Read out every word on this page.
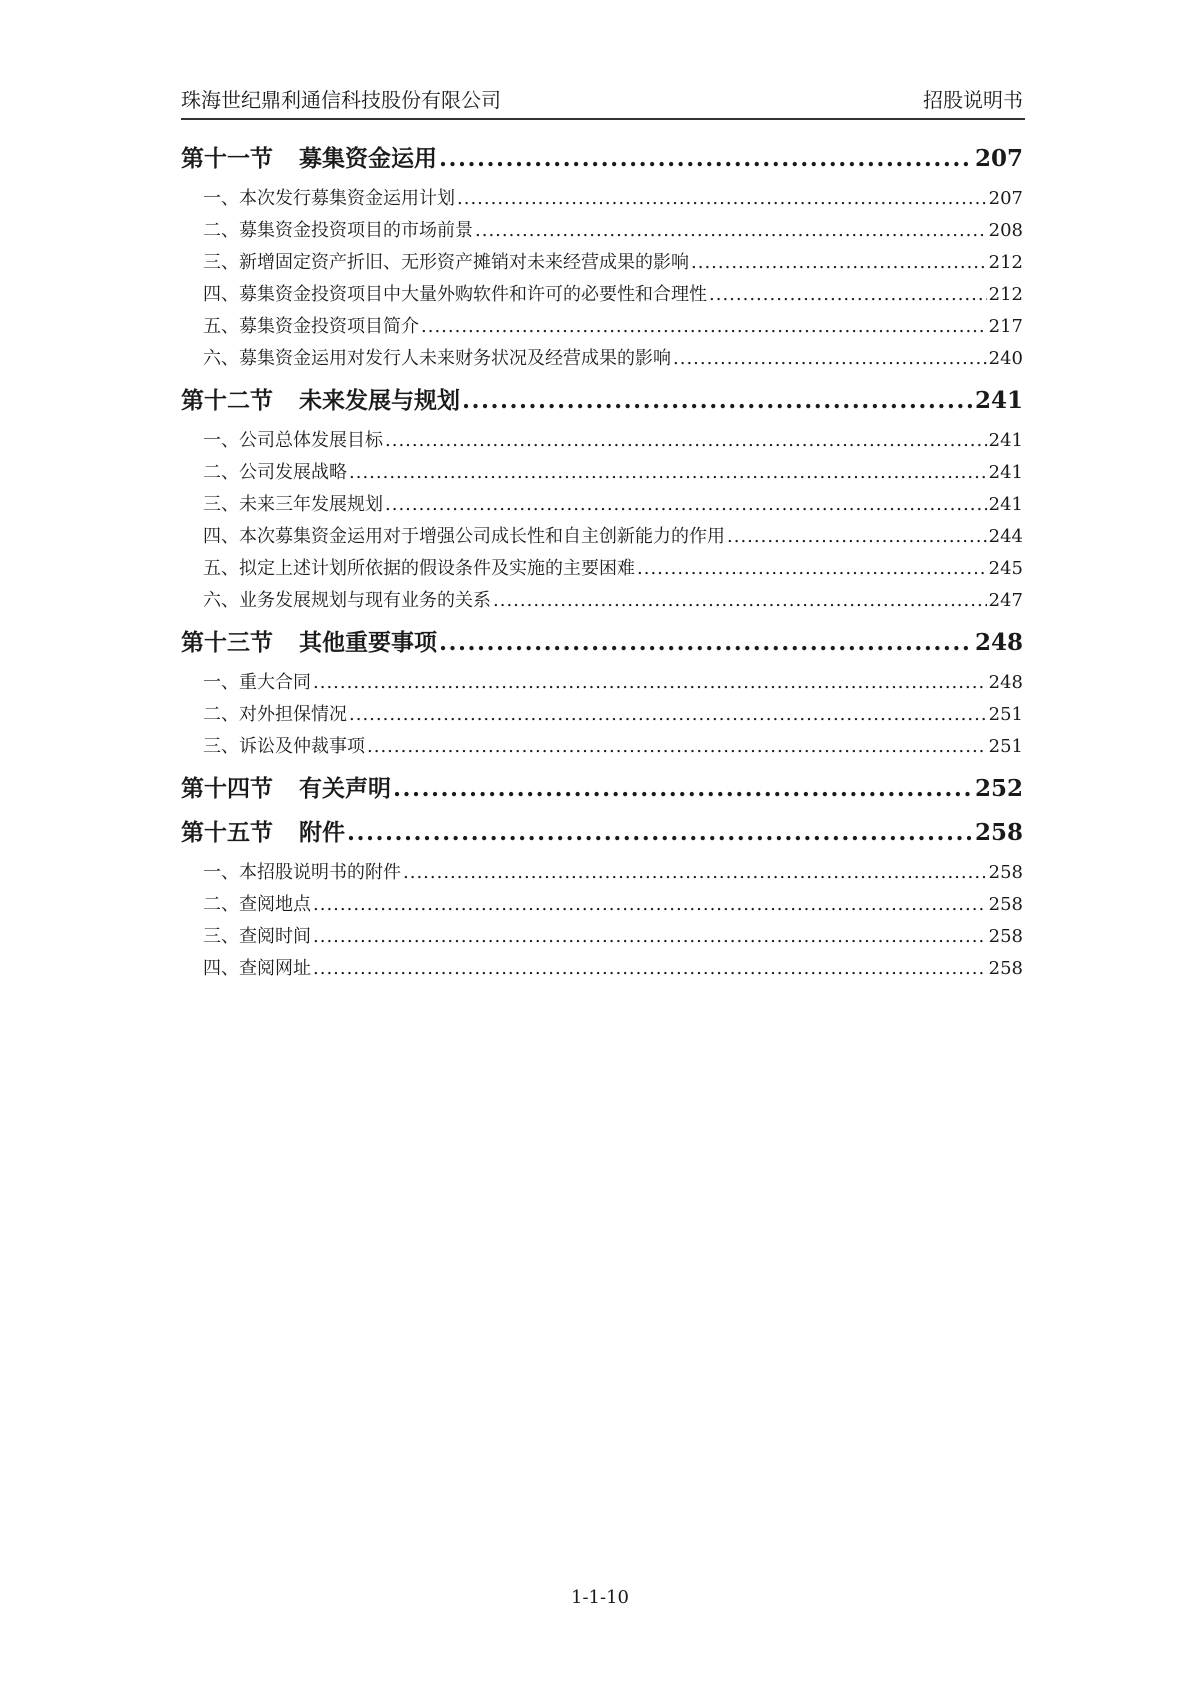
珠海世纪鼎利通信科技股份有限公司	招股说明书
第十一节 募集资金运用 .....	207
一、本次发行募集资金运用计划 .....	207
二、募集资金投资项目的市场前景 .....	208
三、新增固定资产折旧、无形资产摊销对未来经营成果的影响 .....	212
四、募集资金投资项目中大量外购软件和许可的必要性和合理性 .....	212
五、募集资金投资项目简介 .....	217
六、募集资金运用对发行人未来财务状况及经营成果的影响 .....	240
第十二节 未来发展与规划 .....	241
一、公司总体发展目标 .....	241
二、公司发展战略 .....	241
三、未来三年发展规划 .....	241
四、本次募集资金运用对于增强公司成长性和自主创新能力的作用 .....	244
五、拟定上述计划所依据的假设条件及实施的主要困难 .....	245
六、业务发展规划与现有业务的关系 .....	247
第十三节 其他重要事项 .....	248
一、重大合同 .....	248
二、对外担保情况 .....	251
三、诉讼及仲裁事项 .....	251
第十四节 有关声明 .....	252
第十五节 附件 .....	258
一、本招股说明书的附件 .....	258
二、查阅地点 .....	258
三、查阅时间 .....	258
四、查阅网址 .....	258
1-1-10
